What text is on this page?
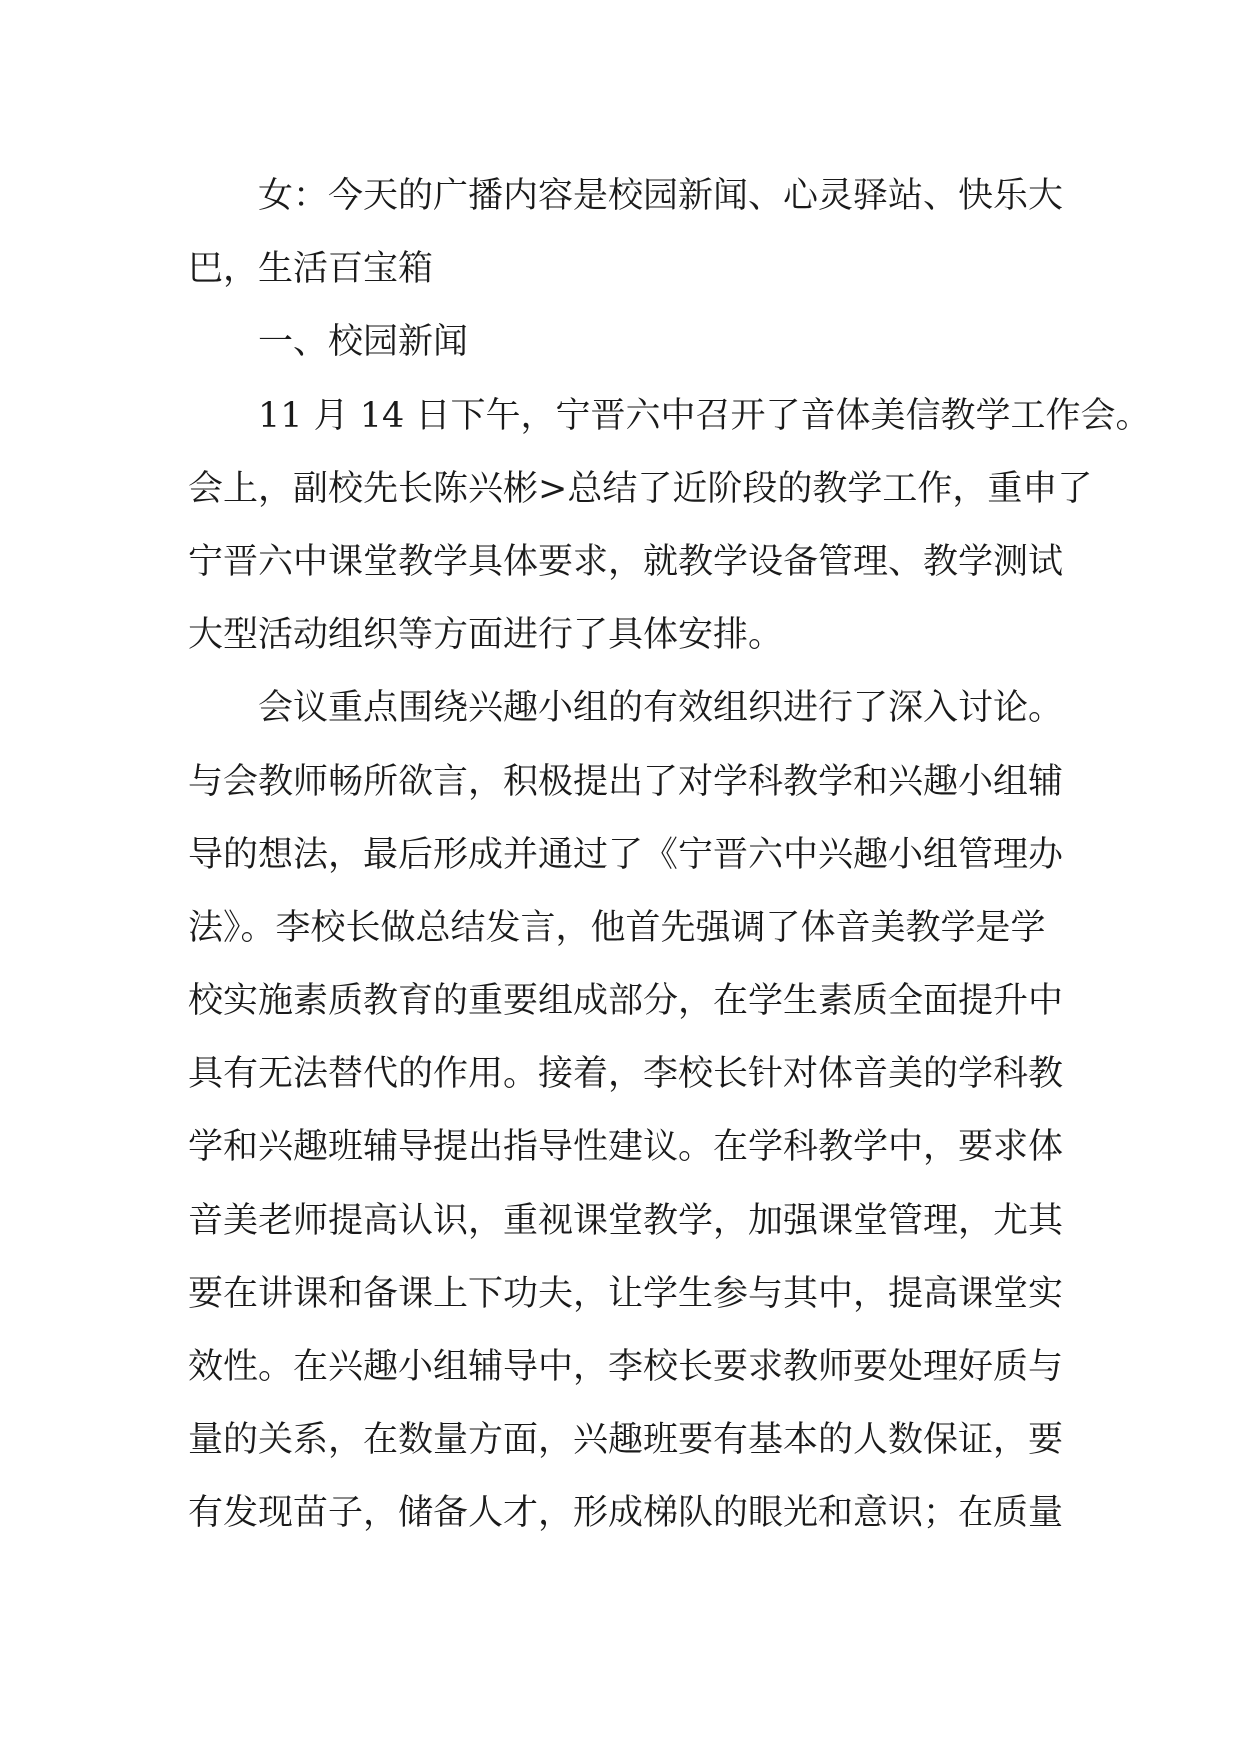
女：今天的广播内容是校园新闻、心灵驿站、快乐大
巴，生活百宝箱
一、校园新闻
11 月 14 日下午，宁晋六中召开了音体美信教学工作会。
会上，副校先长陈兴彬>总结了近阶段的教学工作，重申了
宁晋六中课堂教学具体要求，就教学设备管理、教学测试
大型活动组织等方面进行了具体安排。
会议重点围绕兴趣小组的有效组织进行了深入讨论。
与会教师畅所欲言，积极提出了对学科教学和兴趣小组辅
导的想法，最后形成并通过了《宁晋六中兴趣小组管理办
法》。李校长做总结发言，他首先强调了体音美教学是学
校实施素质教育的重要组成部分，在学生素质全面提升中
具有无法替代的作用。接着，李校长针对体音美的学科教
学和兴趣班辅导提出指导性建议。在学科教学中，要求体
音美老师提高认识，重视课堂教学，加强课堂管理，尤其
要在讲课和备课上下功夫，让学生参与其中，提高课堂实
效性。在兴趣小组辅导中，李校长要求教师要处理好质与
量的关系，在数量方面，兴趣班要有基本的人数保证，要
有发现苗子，储备人才，形成梯队的眼光和意识；在质量
